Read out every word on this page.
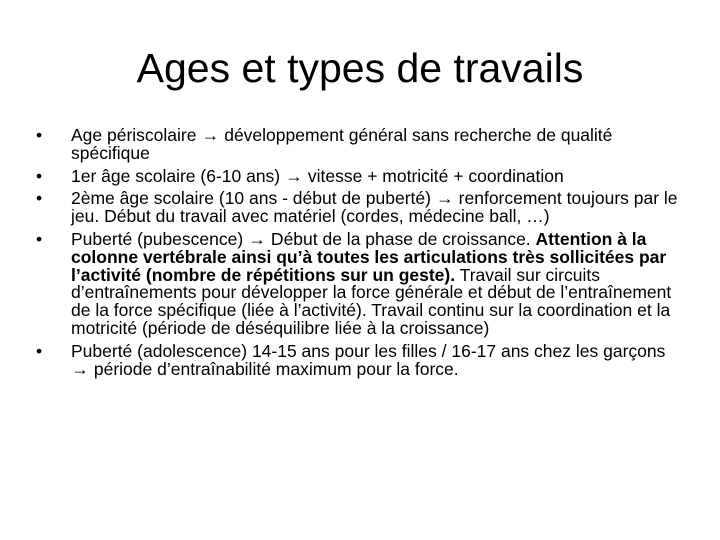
Ages et types de travails
•	Age périscolaire → développement général sans recherche de qualité spécifique
•	1er âge scolaire (6-10 ans) → vitesse + motricité + coordination
•	2ème âge scolaire (10 ans - début de puberté) → renforcement toujours par le jeu. Début du travail avec matériel (cordes, médecine ball, …)
•	Puberté (pubescence) → Début de la phase de croissance. Attention à la colonne vertébrale ainsi qu’à toutes les articulations très sollicitées par l’activité (nombre de répétitions sur un geste). Travail sur circuits d’entraînements pour développer la force générale et début de l’entraînement de la force spécifique (liée à l’activité). Travail continu sur la coordination et la motricité (période de déséquilibre liée à la croissance)
•	Puberté (adolescence) 14-15 ans pour les filles / 16-17 ans chez les garçons → période d’entraînabilité maximum pour la force.
